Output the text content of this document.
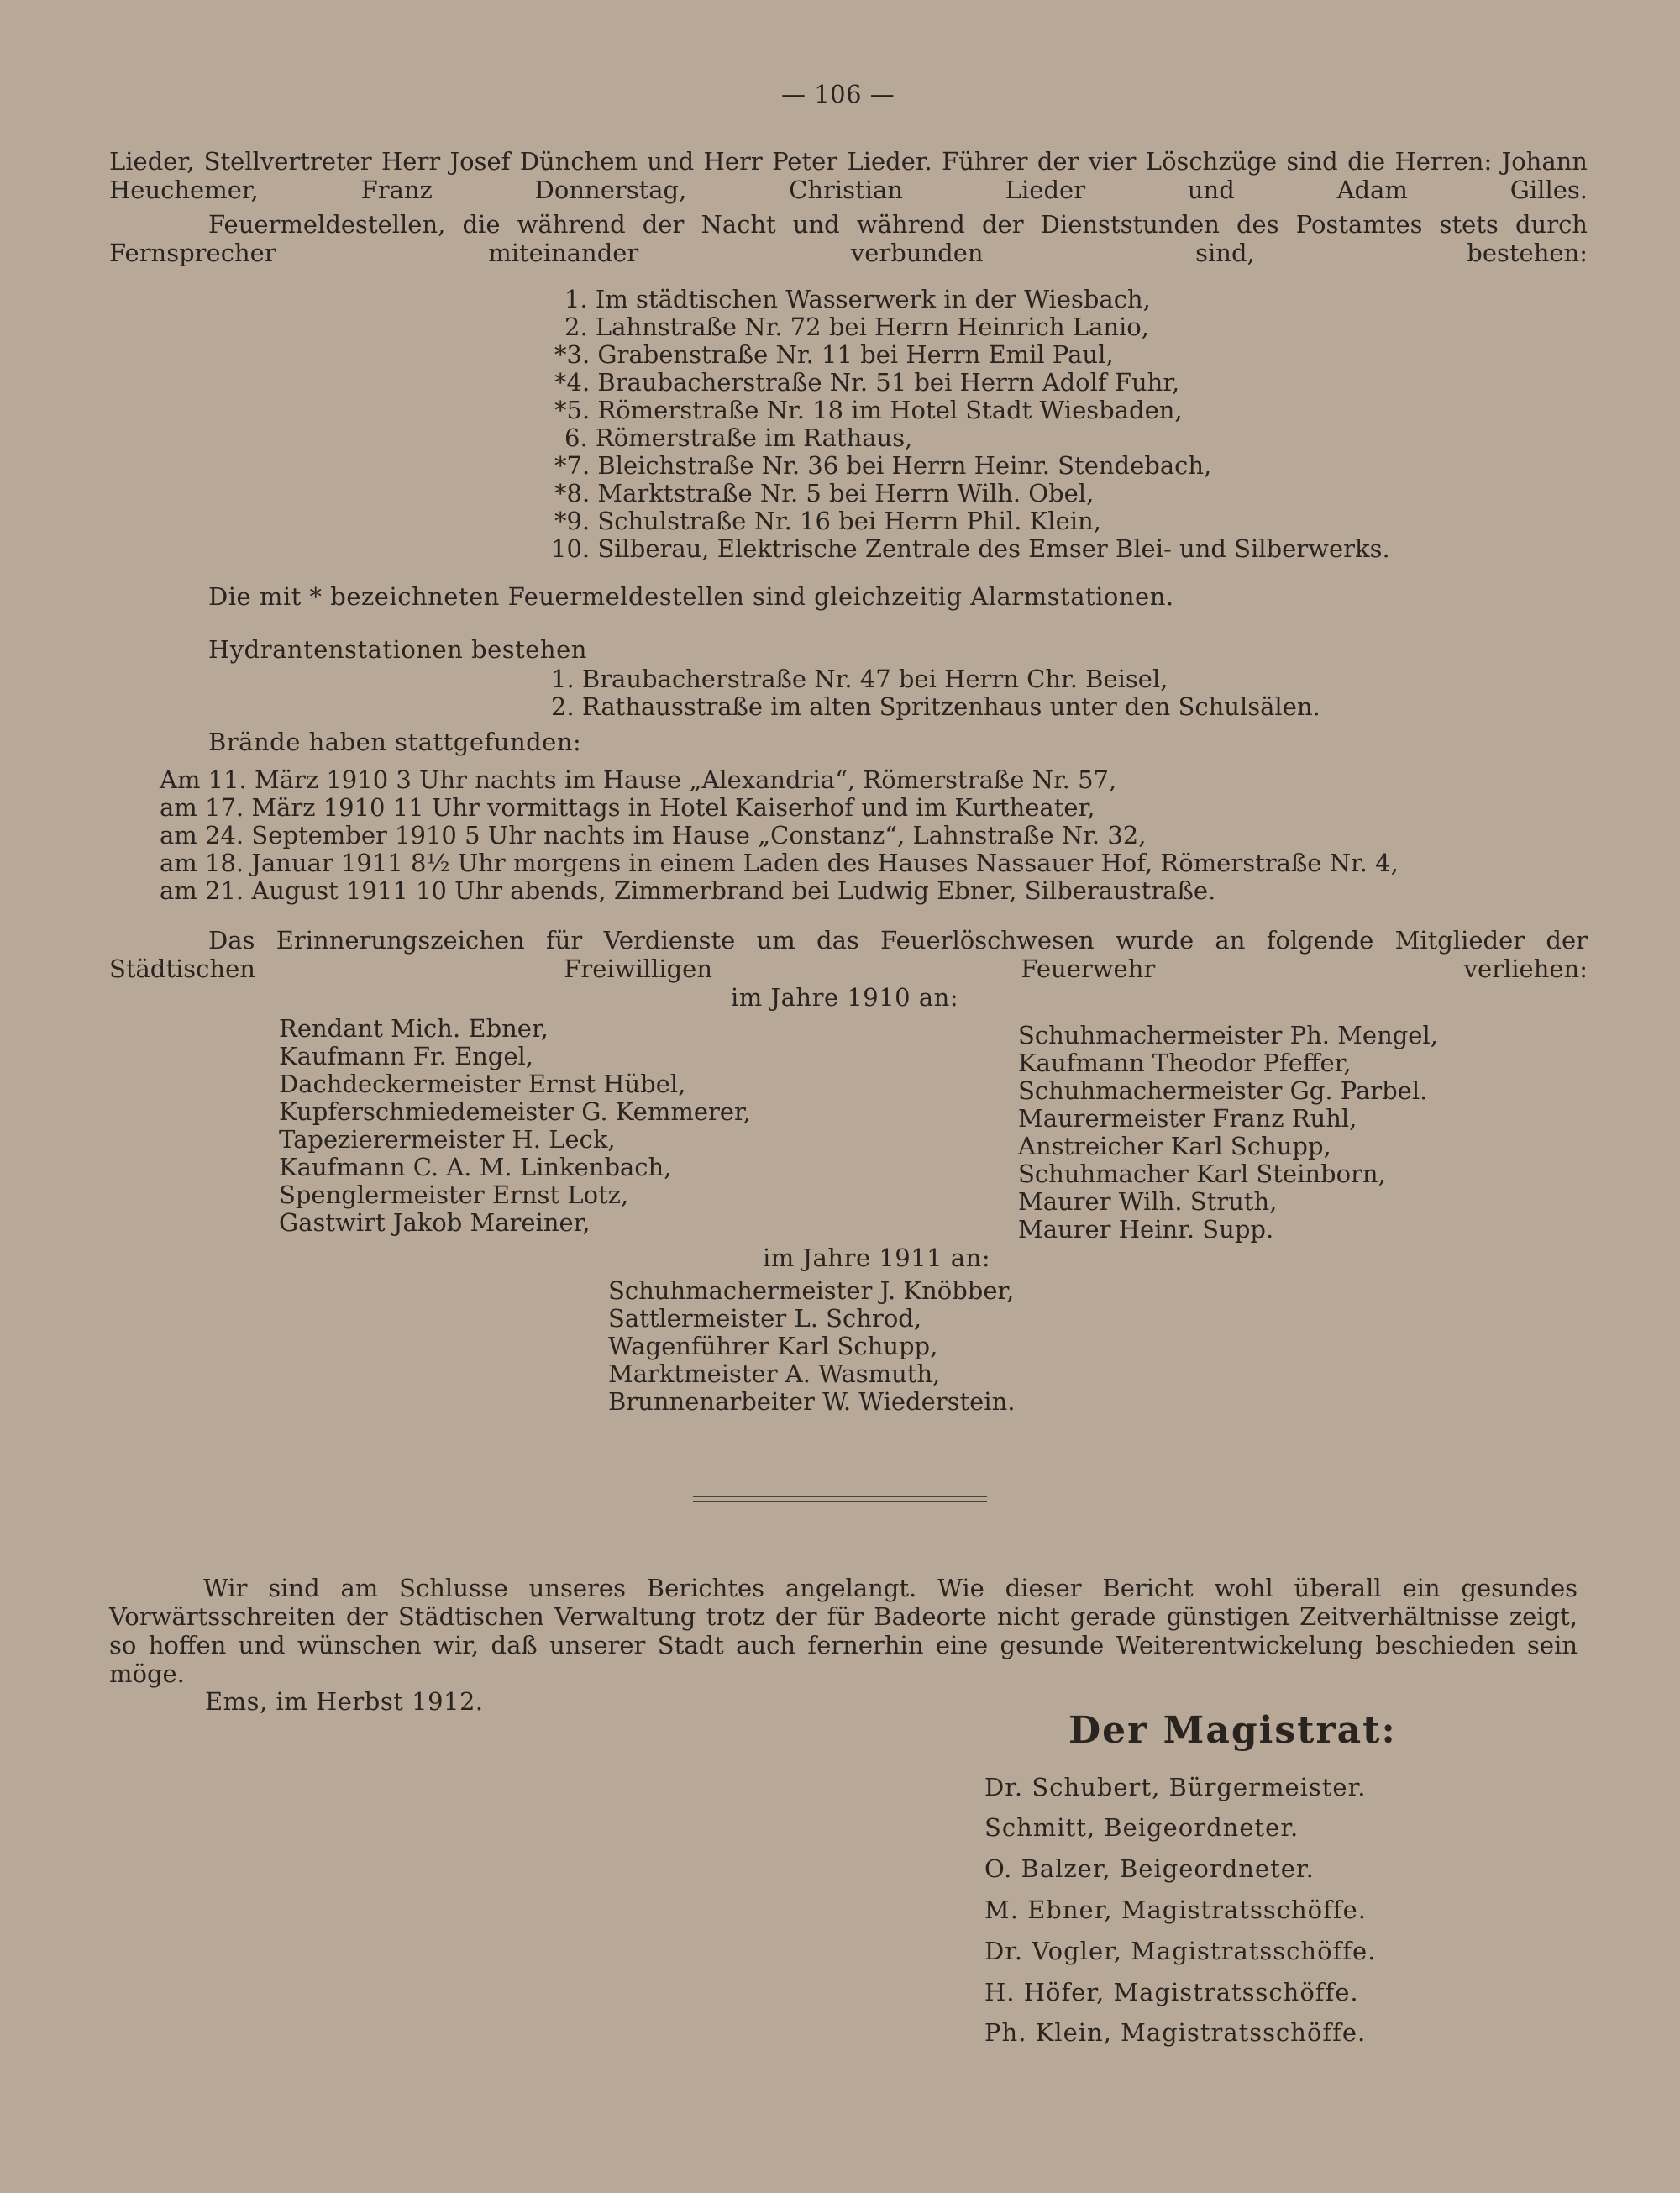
— 106 —
Lieder, Stellvertreter Herr Josef Dünchem und Herr Peter Lieder. Führer der vier Löschzüge sind die Herren: Johann Heuchemer, Franz Donnerstag, Christian Lieder und Adam Gilles.
Feuermeldestellen, die während der Nacht und während der Dienststunden des Postamtes stets durch Fernsprecher miteinander verbunden sind, bestehen:
1. Im städtischen Wasserwerk in der Wiesbach,
2. Lahnstraße Nr. 72 bei Herrn Heinrich Lanio,
*3. Grabenstraße Nr. 11 bei Herrn Emil Paul,
*4. Braubacherstraße Nr. 51 bei Herrn Adolf Fuhr,
*5. Römerstraße Nr. 18 im Hotel Stadt Wiesbaden,
6. Römerstraße im Rathaus,
*7. Bleichstraße Nr. 36 bei Herrn Heinr. Stendebach,
*8. Marktstraße Nr. 5 bei Herrn Wilh. Obel,
*9. Schulstraße Nr. 16 bei Herrn Phil. Klein,
10. Silberau, Elektrische Zentrale des Emser Blei- und Silberwerks.
Die mit * bezeichneten Feuermeldestellen sind gleichzeitig Alarmstationen.
Hydrantenstationen bestehen
1. Braubacherstraße Nr. 47 bei Herrn Chr. Beisel,
2. Rathausstraße im alten Spritzenhaus unter den Schulsälen.
Brände haben stattgefunden:
Am 11. März 1910 3 Uhr nachts im Hause „Alexandria“, Römerstraße Nr. 57,
am 17. März 1910 11 Uhr vormittags in Hotel Kaiserhof und im Kurtheater,
am 24. September 1910 5 Uhr nachts im Hause „Constanz“, Lahnstraße Nr. 32,
am 18. Januar 1911 8½ Uhr morgens in einem Laden des Hauses Nassauer Hof, Römerstraße Nr. 4,
am 21. August 1911 10 Uhr abends, Zimmerbrand bei Ludwig Ebner, Silberaustraße.
Das Erinnerungszeichen für Verdienste um das Feuerlöschwesen wurde an folgende Mitglieder der Städtischen Freiwilligen Feuerwehr verliehen:
im Jahre 1910 an:
Rendant Mich. Ebner,
Kaufmann Fr. Engel,
Dachdeckermeister Ernst Hübel,
Kupferschmiedemeister G. Kemmerer,
Tapezierermeister H. Leck,
Kaufmann C. A. M. Linkenbach,
Spenglermeister Ernst Lotz,
Gastwirt Jakob Mareiner,
Schuhmachermeister Ph. Mengel,
Kaufmann Theodor Pfeffer,
Schuhmachermeister Gg. Parbel.
Maurermeister Franz Ruhl,
Anstreicher Karl Schupp,
Schuhmacher Karl Steinborn,
Maurer Wilh. Struth,
Maurer Heinr. Supp.
im Jahre 1911 an:
Schuhmachermeister J. Knöbber,
Sattlermeister L. Schrod,
Wagenführer Karl Schupp,
Marktmeister A. Wasmuth,
Brunnenarbeiter W. Wiederstein.
Wir sind am Schlusse unseres Berichtes angelangt. Wie dieser Bericht wohl überall ein gesundes Vorwärtsschreiten der Städtischen Verwaltung trotz der für Badeorte nicht gerade günstigen Zeitverhältnisse zeigt, so hoffen und wünschen wir, daß unserer Stadt auch fernerhin eine gesunde Weiterentwickelung beschieden sein möge.
Ems, im Herbst 1912.
Der Magistrat:
Dr. Schubert, Bürgermeister.
Schmitt, Beigeordneter.
O. Balzer, Beigeordneter.
M. Ebner, Magistratsschöffe.
Dr. Vogler, Magistratsschöffe.
H. Höfer, Magistratsschöffe.
Ph. Klein, Magistratsschöffe.
